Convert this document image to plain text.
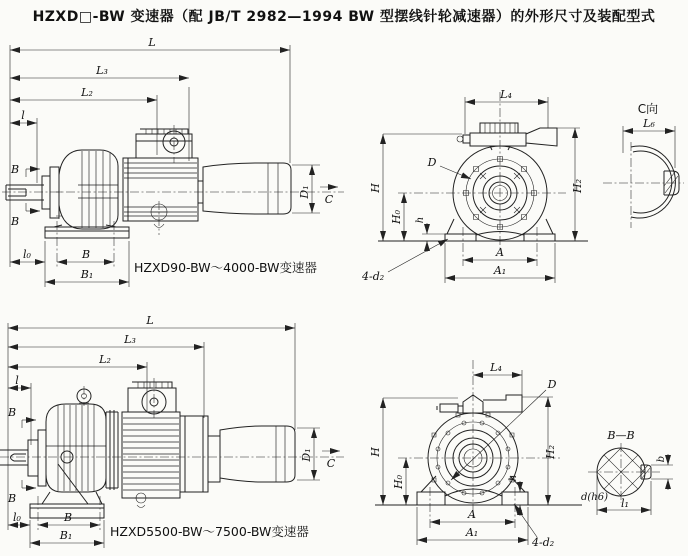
HZXD□-BW 变速器（配 JB/T 2982—1994 BW 型摆线针轮减速器）的外形尺寸及装配型式
L
L₃
L₂
l
B
B
l₀	B
B₁
D₁
C
HZXD90-BW～4000-BW变速器
L₄
H
H₀ h
D
H₂
A
A₁
4-d₂
C向
L₆
L
L₃
L₂
l
B
B
l₀	B
B₁
D₁
C
HZXD5500-BW～7500-BW变速器
L₄
D
H
H₀
H₂
h
A
A₁
4-d₂
B—B
b
d(h6) l₁
